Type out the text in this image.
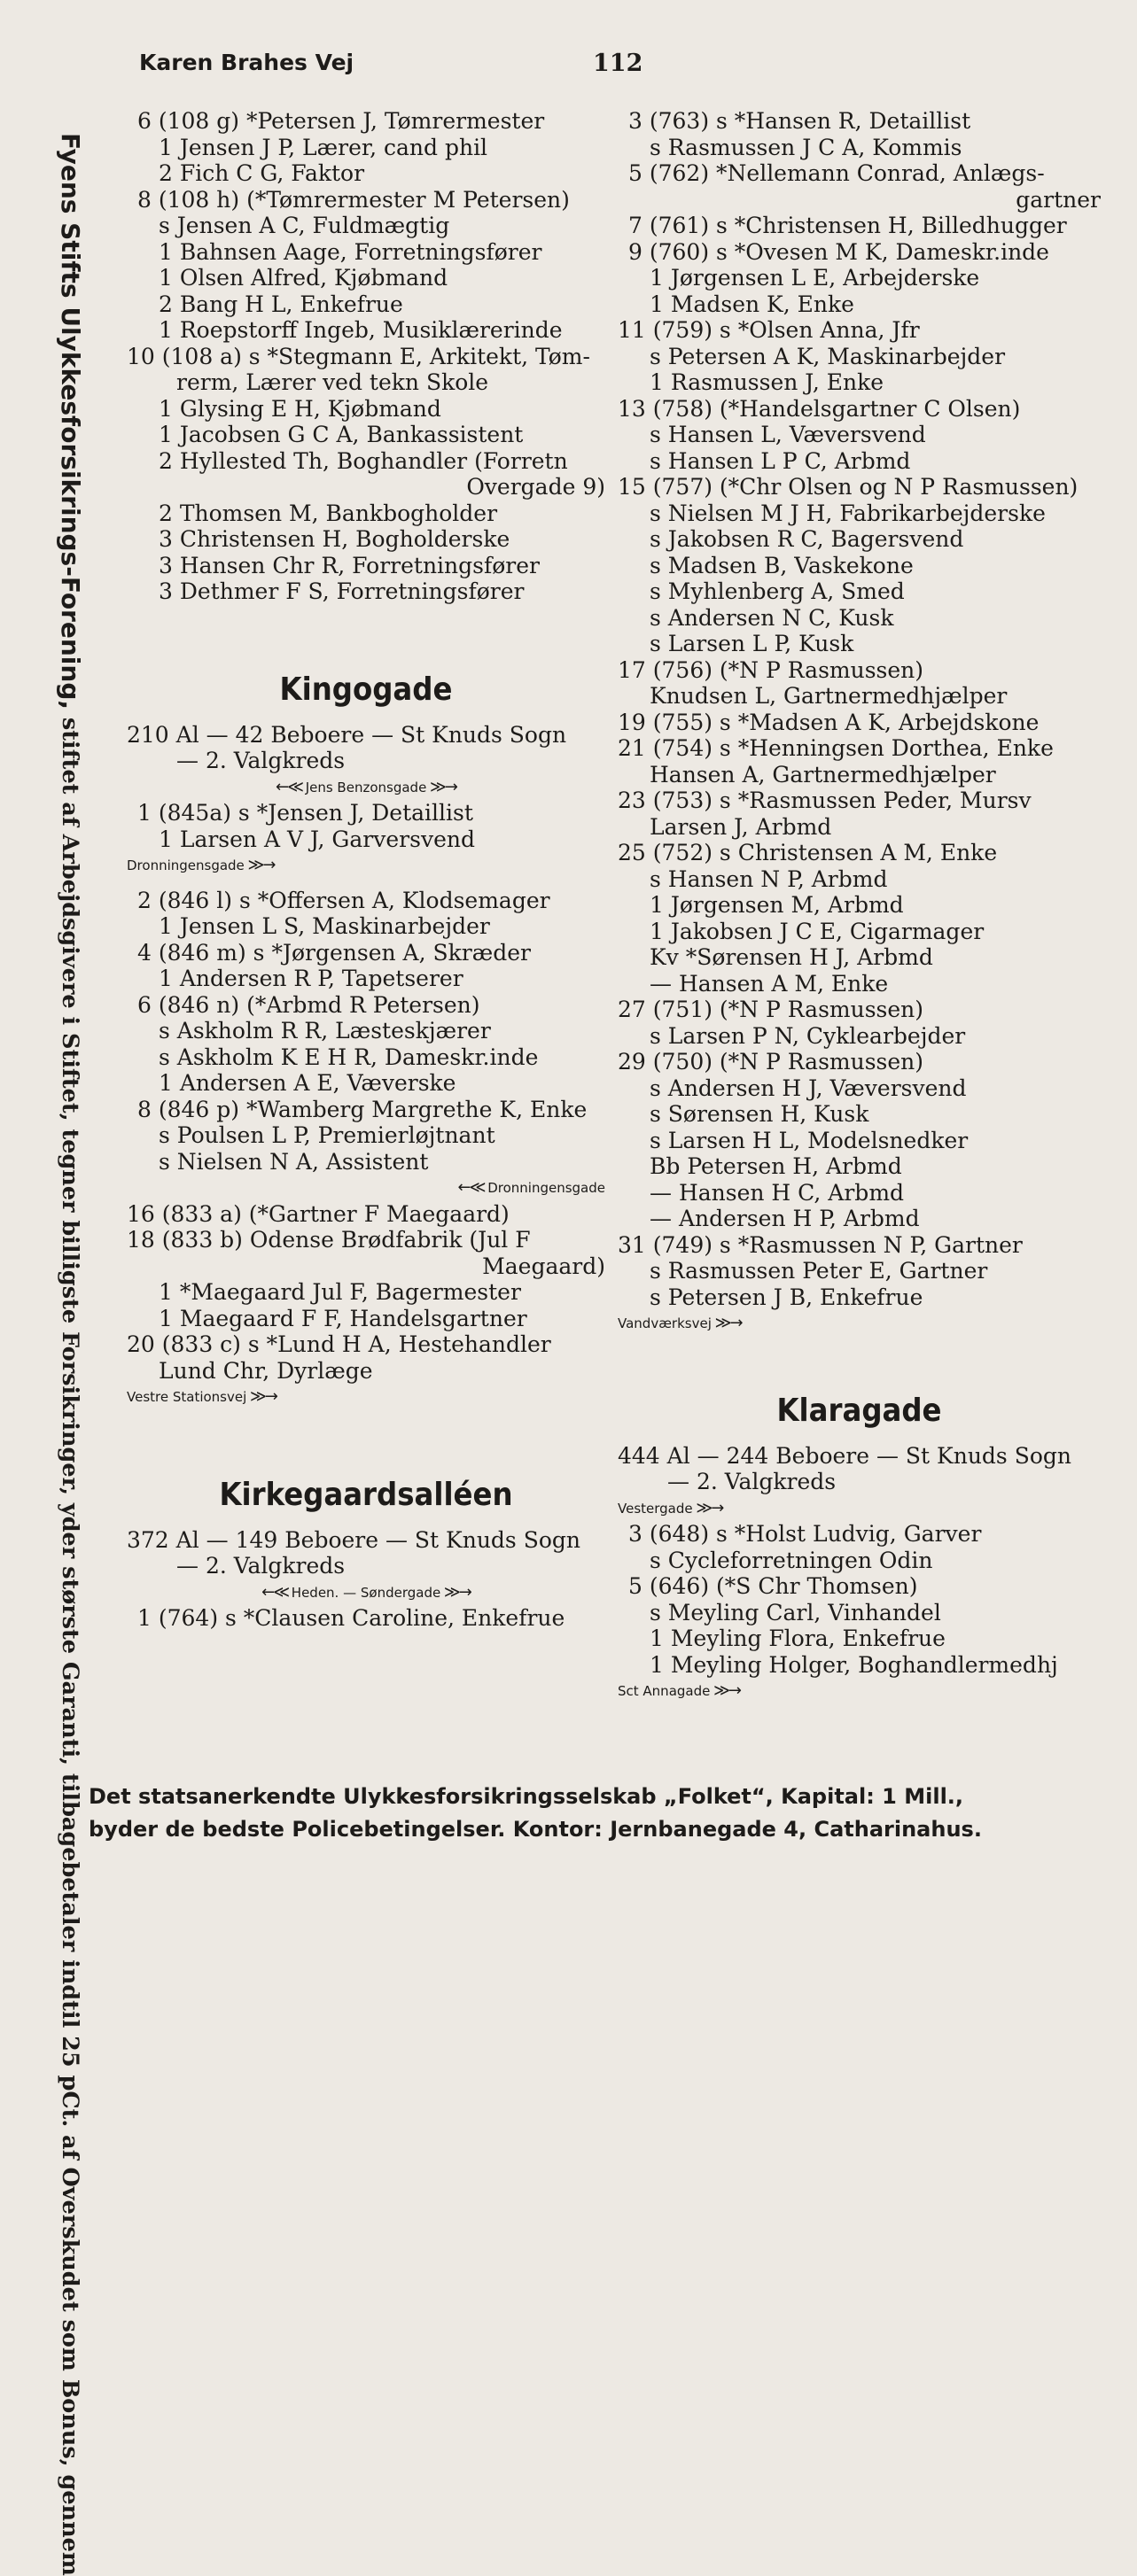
Karen Brahes Vej	112
Fyens Stifts Ulykkesforsikrings-Forening, stiftet af Arbejdsgivere i Stiftet, tegner billigste Forsikringer, yder største Garanti, tilbagebetaler indtil 25 pCt. af Overskudet som Bonus, gennem
6 (108 g) *Petersen J, Tømrermester
1 Jensen J P, Lærer, cand phil
2 Fich C G, Faktor
8 (108 h) (*Tømrermester M Petersen)
s Jensen A C, Fuldmægtig
1 Bahnsen Aage, Forretningsfører
1 Olsen Alfred, Kjøbmand
2 Bang H L, Enkefrue
1 Roepstorff Ingeb, Musiklærerinde
10 (108 a) s *Stegmann E, Arkitekt, Tøm-
rerm, Lærer ved tekn Skole
1 Glysing E H, Kjøbmand
1 Jacobsen G C A, Bankassistent
2 Hyllested Th, Boghandler (Forretn
Overgade 9)
2 Thomsen M, Bankbogholder
3 Christensen H, Bogholderske
3 Hansen Chr R, Forretningsfører
3 Dethmer F S, Forretningsfører
Kingogade
210 Al — 42 Beboere — St Knuds Sogn
— 2. Valgkreds
←≪ Jens Benzonsgade ≫→
1 (845a) s *Jensen J, Detaillist
1 Larsen A V J, Garversvend
Dronningensgade ≫→
2 (846 l) s *Offersen A, Klodsemager
1 Jensen L S, Maskinarbejder
4 (846 m) s *Jørgensen A, Skræder
1 Andersen R P, Tapetserer
6 (846 n) (*Arbmd R Petersen)
s Askholm R R, Læsteskjærer
s Askholm K E H R, Dameskr.inde
1 Andersen A E, Væverske
8 (846 p) *Wamberg Margrethe K, Enke
s Poulsen L P, Premierløjtnant
s Nielsen N A, Assistent
←≪ Dronningensgade
16 (833 a) (*Gartner F Maegaard)
18 (833 b) Odense Brødfabrik (Jul F
Maegaard)
1 *Maegaard Jul F, Bagermester
1 Maegaard F F, Handelsgartner
20 (833 c) s *Lund H A, Hestehandler
Lund Chr, Dyrlæge
Vestre Stationsvej ≫→
Kirkegaardsalléen
372 Al — 149 Beboere — St Knuds Sogn
— 2. Valgkreds
←≪ Heden. — Søndergade ≫→
1 (764) s *Clausen Caroline, Enkefrue
3 (763) s *Hansen R, Detaillist
s Rasmussen J C A, Kommis
5 (762) *Nellemann Conrad, Anlægs-
gartner
7 (761) s *Christensen H, Billedhugger
9 (760) s *Ovesen M K, Dameskr.inde
1 Jørgensen L E, Arbejderske
1 Madsen K, Enke
11 (759) s *Olsen Anna, Jfr
s Petersen A K, Maskinarbejder
1 Rasmussen J, Enke
13 (758) (*Handelsgartner C Olsen)
s Hansen L, Væversvend
s Hansen L P C, Arbmd
15 (757) (*Chr Olsen og N P Rasmussen)
s Nielsen M J H, Fabrikarbejderske
s Jakobsen R C, Bagersvend
s Madsen B, Vaskekone
s Myhlenberg A, Smed
s Andersen N C, Kusk
s Larsen L P, Kusk
17 (756) (*N P Rasmussen)
Knudsen L, Gartnermedhjælper
19 (755) s *Madsen A K, Arbejdskone
21 (754) s *Henningsen Dorthea, Enke
Hansen A, Gartnermedhjælper
23 (753) s *Rasmussen Peder, Mursv
Larsen J, Arbmd
25 (752) s Christensen A M, Enke
s Hansen N P, Arbmd
1 Jørgensen M, Arbmd
1 Jakobsen J C E, Cigarmager
Kv *Sørensen H J, Arbmd
— Hansen A M, Enke
27 (751) (*N P Rasmussen)
s Larsen P N, Cyklearbejder
29 (750) (*N P Rasmussen)
s Andersen H J, Væversvend
s Sørensen H, Kusk
s Larsen H L, Modelsnedker
Bb Petersen H, Arbmd
— Hansen H C, Arbmd
— Andersen H P, Arbmd
31 (749) s *Rasmussen N P, Gartner
s Rasmussen Peter E, Gartner
s Petersen J B, Enkefrue
Vandværksvej ≫→
Klaragade
444 Al — 244 Beboere — St Knuds Sogn
— 2. Valgkreds
Vestergade ≫→
3 (648) s *Holst Ludvig, Garver
s Cycleforretningen Odin
5 (646) (*S Chr Thomsen)
s Meyling Carl, Vinhandel
1 Meyling Flora, Enkefrue
1 Meyling Holger, Boghandlermedhj
Sct Annagade ≫→
Det statsanerkendte Ulykkesforsikringsselskab „Folket“, Kapital: 1 Mill.,
byder de bedste Policebetingelser. Kontor: Jernbanegade 4, Catharinahus.
